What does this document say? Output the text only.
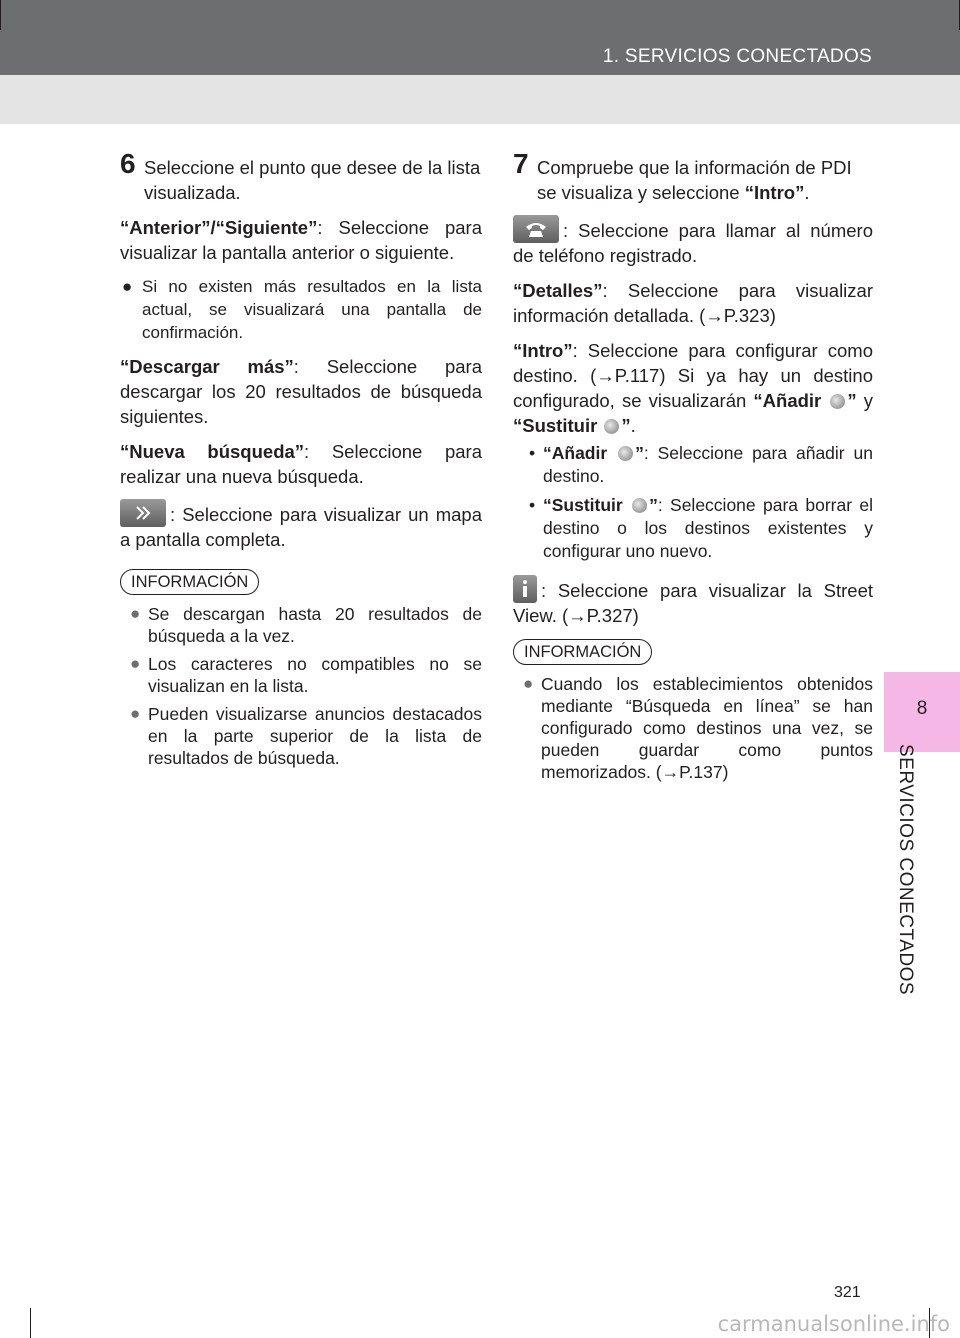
1. SERVICIOS CONECTADOS
8
SERVICIOS CONECTADOS
6 Seleccione el punto que desee de la lista visualizada.

“Anterior”/“Siguiente”: Seleccione para visualizar la pantalla anterior o siguiente.

● Si no existen más resultados en la lista actual, se visualizará una pantalla de confirmación.

“Descargar más”: Seleccione para descargar los 20 resultados de búsqueda siguientes.

“Nueva búsqueda”: Seleccione para realizar una nueva búsqueda.

: Seleccione para visualizar un mapa a pantalla completa.

INFORMACIÓN
● Se descargan hasta 20 resultados de búsqueda a la vez.
● Los caracteres no compatibles no se visualizan en la lista.
● Pueden visualizarse anuncios destacados en la parte superior de la lista de resultados de búsqueda.
7 Compruebe que la información de PDI se visualiza y seleccione “Intro”.

: Seleccione para llamar al número de teléfono registrado.

“Detalles”: Seleccione para visualizar información detallada. (→P.323)

“Intro”: Seleccione para configurar como destino. (→P.117) Si ya hay un destino configurado, se visualizarán “Añadir ” y “Sustituir ”.

• “Añadir ”: Seleccione para añadir un destino.
• “Sustituir ”: Seleccione para borrar el destino o los destinos existentes y configurar uno nuevo.

: Seleccione para visualizar la Street View. (→P.327)

INFORMACIÓN
● Cuando los establecimientos obtenidos mediante “Búsqueda en línea” se han configurado como destinos una vez, se pueden guardar como puntos memorizados. (→P.137)
321
carmanualsonline.info
